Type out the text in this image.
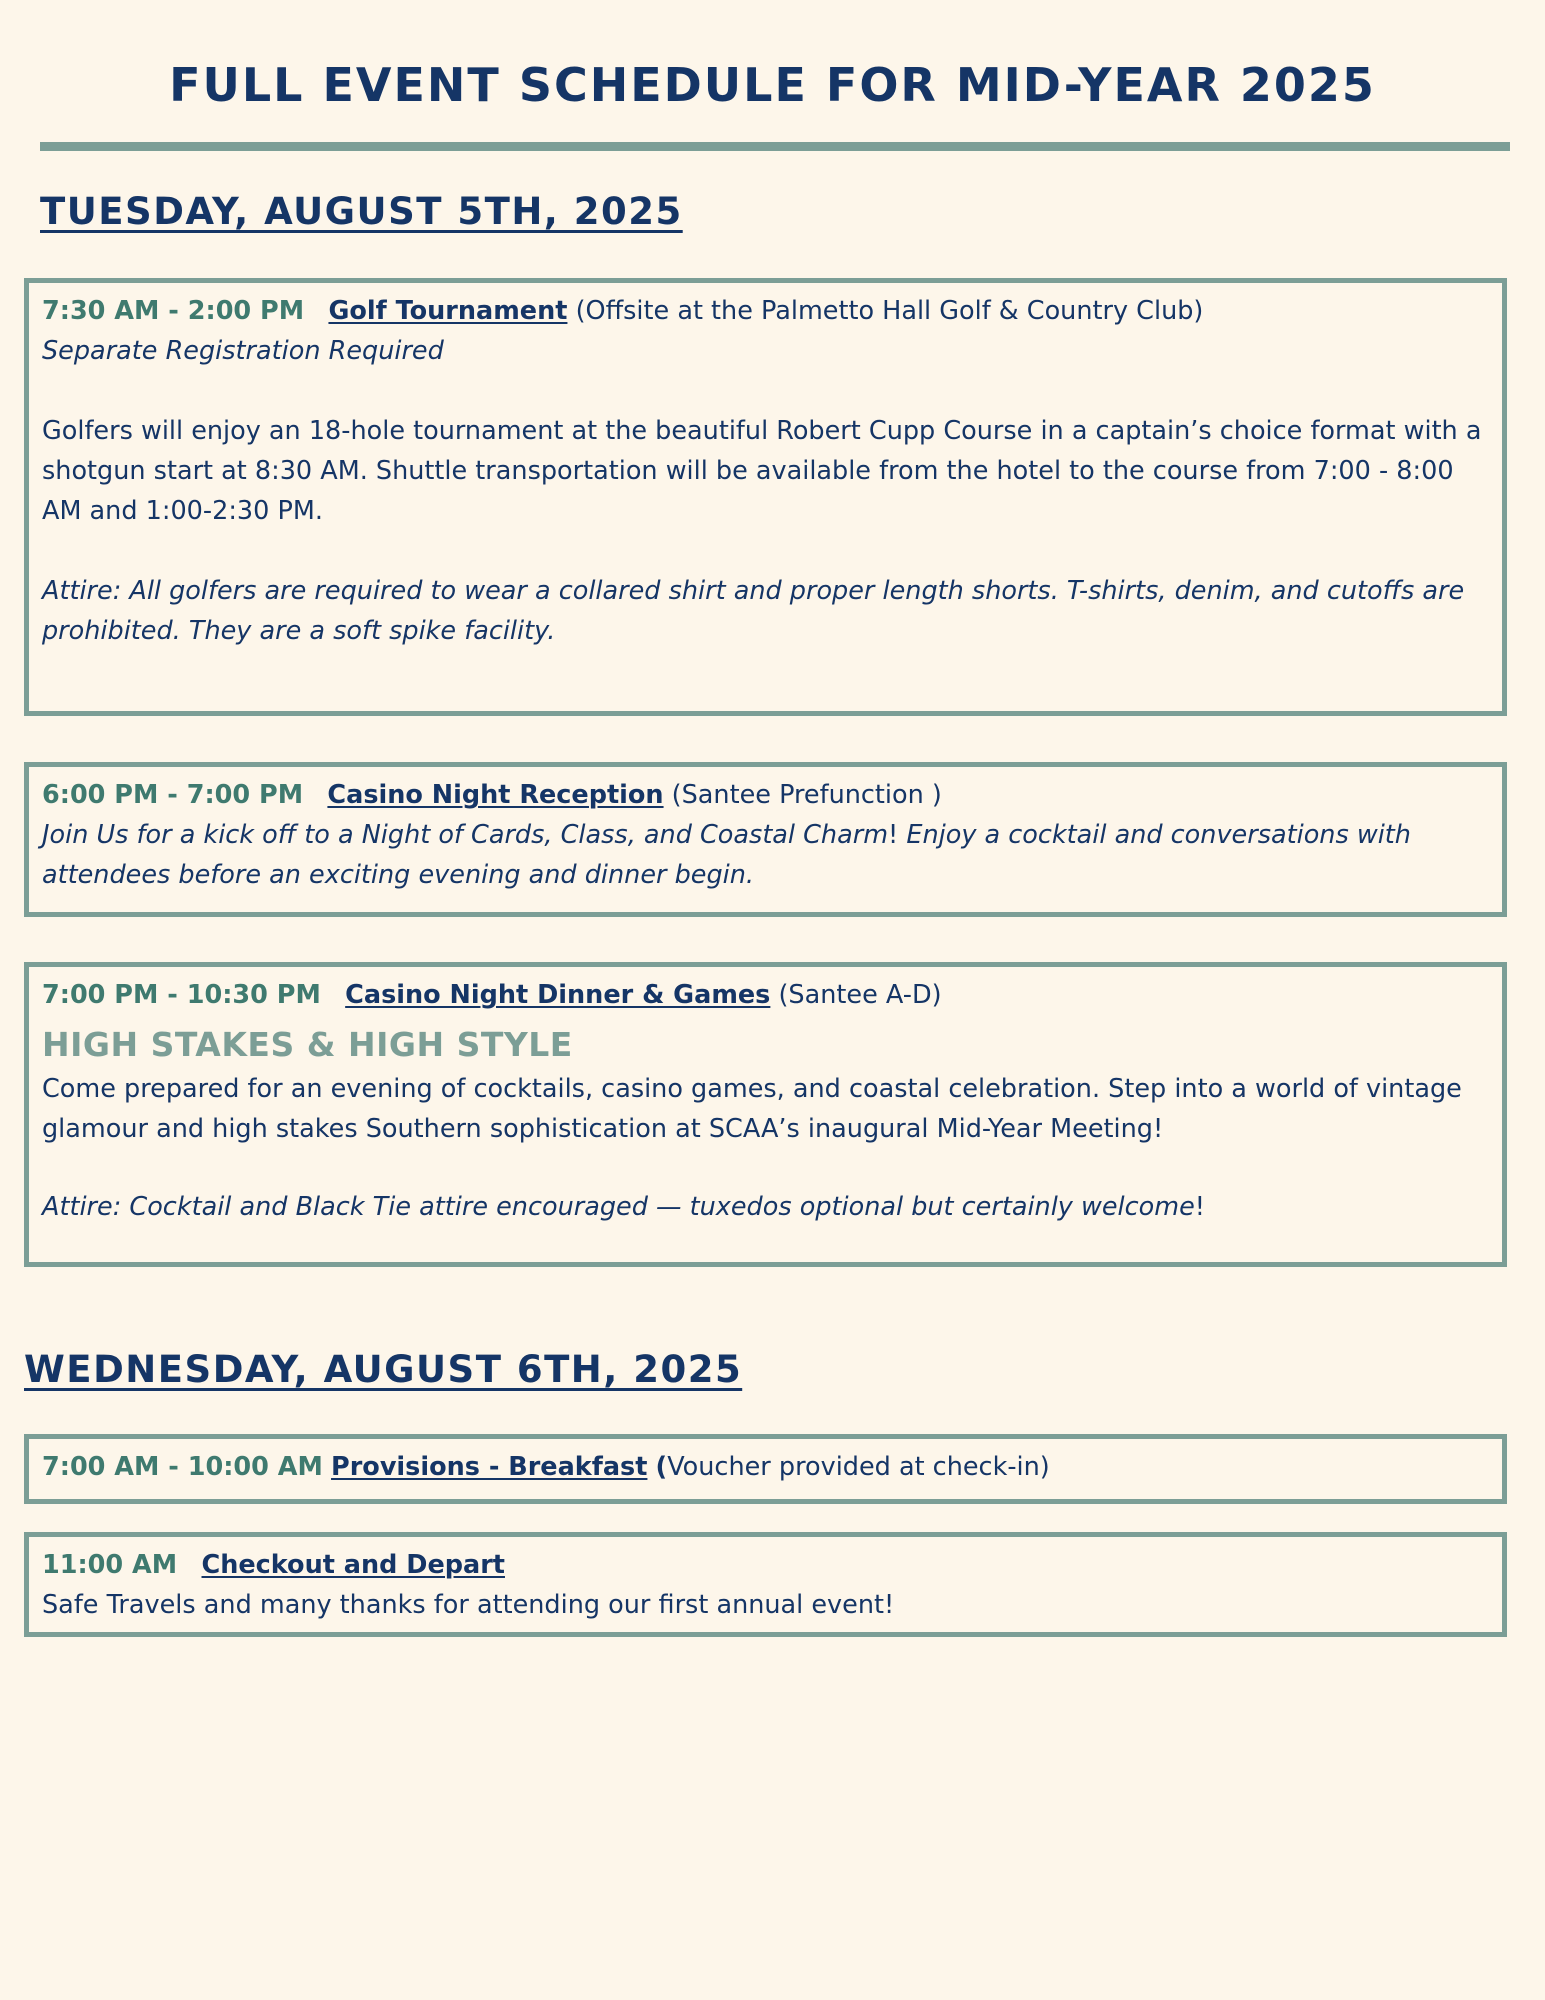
FULL EVENT SCHEDULE FOR MID-YEAR 2025
TUESDAY, AUGUST 5TH, 2025

7:30 AM - 2:00 PM Golf Tournament (Offsite at the Palmetto Hall Golf & Country Club)

Separate Registration Required

Golfers will enjoy an 18-hole tournament at the beautiful Robert Cupp Course in a captain’s choice format with a shotgun start at 8:30 AM. Shuttle transportation will be available from the hotel to the course from 7:00 - 8:00 AM and 1:00-2:30 PM.

Attire: All golfers are required to wear a collared shirt and proper length shorts. T-shirts, denim, and cutoffs are prohibited. They are a soft spike facility.

6:00 PM - 7:00 PM Casino Night Reception (Santee Prefunction )

Join Us for a kick off to a Night of Cards, Class, and Coastal Charm! Enjoy a cocktail and conversations with attendees before an exciting evening and dinner begin.

7:00 PM - 10:30 PM Casino Night Dinner & Games (Santee A-D)

HIGH STAKES & HIGH STYLE

Come prepared for an evening of cocktails, casino games, and coastal celebration. Step into a world of vintage glamour and high stakes Southern sophistication at SCAA’s inaugural Mid-Year Meeting!

Attire: Cocktail and Black Tie attire encouraged — tuxedos optional but certainly welcome!

WEDNESDAY, AUGUST 6TH, 2025

7:00 AM - 10:00 AM Provisions - Breakfast (Voucher provided at check-in)

11:00 AM Checkout and Depart

Safe Travels and many thanks for attending our first annual event!
